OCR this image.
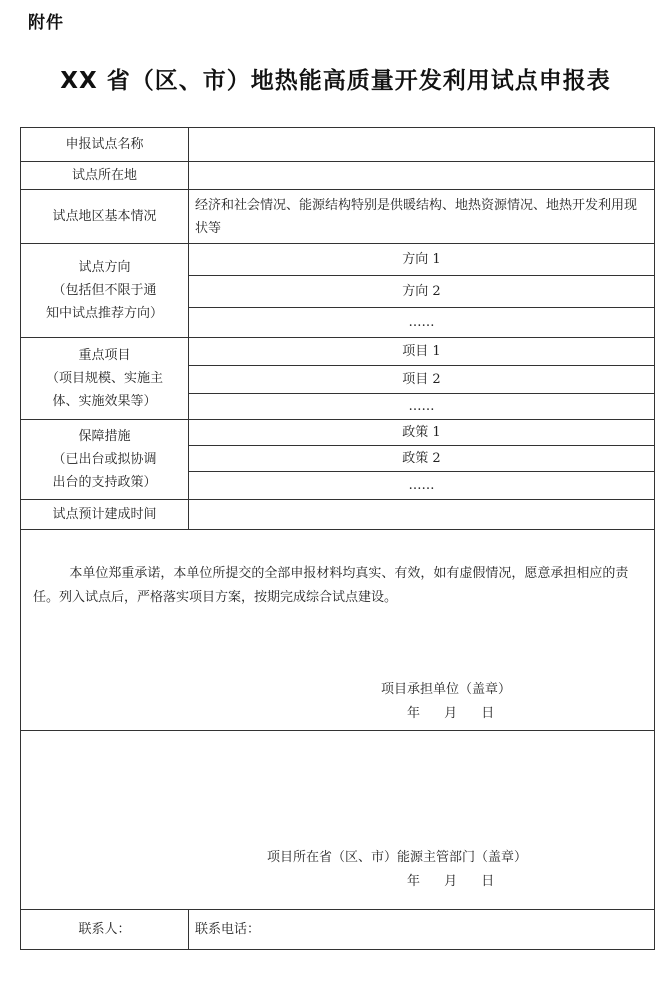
附件
XX 省（区、市）地热能高质量开发利用试点申报表
申报试点名称	
试点所在地	
试点地区基本情况	经济和社会情况、能源结构特别是供暖结构、地热资源情况、地热开发利用现状等

试点方向
（包括但不限于通
知中试点推荐方向）	方向 1
	方向 2
	……

重点项目
（项目规模、实施主
体、实施效果等）	项目 1
	项目 2
	……

保障措施
（已出台或拟协调
出台的支持政策）	政策 1
	政策 2
	……
试点预计建成时间	

本单位郑重承诺，本单位所提交的全部申报材料均真实、有效，如有虚假情况，愿意承担相应的责任。列入试点后，严格落实项目方案，按期完成综合试点建设。
项目承担单位（盖章）
年 月 日	

项目所在省（区、市）能源主管部门（盖章）
年 月 日	

联系人：	联系电话：
